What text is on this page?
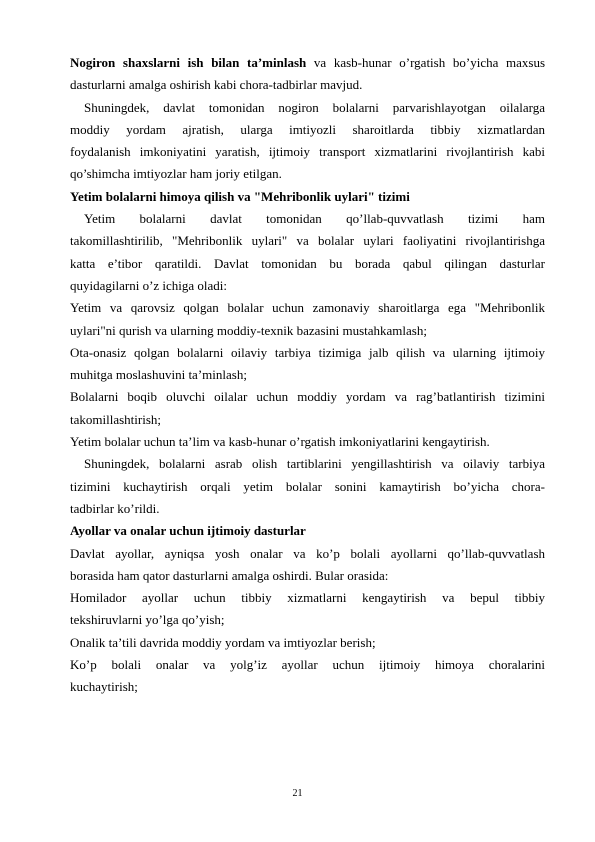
Nogiron shaxslarni ish bilan ta’minlash va kasb-hunar o’rgatish bo’yicha maxsus
dasturlarni amalga oshirish kabi chora-tadbirlar mavjud.
Shuningdek, davlat tomonidan nogiron bolalarni parvarishlayotgan oilalarga
moddiy yordam ajratish, ularga imtiyozli sharoitlarda tibbiy xizmatlardan
foydalanish imkoniyatini yaratish, ijtimoiy transport xizmatlarini rivojlantirish kabi
qo’shimcha imtiyozlar ham joriy etilgan.
Yetim bolalarni himoya qilish va "Mehribonlik uylari" tizimi
Yetim bolalarni davlat tomonidan qo’llab-quvvatlash tizimi ham
takomillashtirilib, "Mehribonlik uylari" va bolalar uylari faoliyatini rivojlantirishga
katta e’tibor qaratildi. Davlat tomonidan bu borada qabul qilingan dasturlar
quyidagilarni o’z ichiga oladi:
Yetim va qarovsiz qolgan bolalar uchun zamonaviy sharoitlarga ega "Mehribonlik
uylari"ni qurish va ularning moddiy-texnik bazasini mustahkamlash;
Ota-onasiz qolgan bolalarni oilaviy tarbiya tizimiga jalb qilish va ularning ijtimoiy
muhitga moslashuvini ta’minlash;
Bolalarni boqib oluvchi oilalar uchun moddiy yordam va rag’batlantirish tizimini
takomillashtirish;
Yetim bolalar uchun ta’lim va kasb-hunar o’rgatish imkoniyatlarini kengaytirish.
Shuningdek, bolalarni asrab olish tartiblarini yengillashtirish va oilaviy tarbiya
tizimini kuchaytirish orqali yetim bolalar sonini kamaytirish bo’yicha chora-
tadbirlar ko’rildi.
Ayollar va onalar uchun ijtimoiy dasturlar
Davlat ayollar, ayniqsa yosh onalar va ko’p bolali ayollarni qo’llab-quvvatlash
borasida ham qator dasturlarni amalga oshirdi. Bular orasida:
Homilador ayollar uchun tibbiy xizmatlarni kengaytirish va bepul tibbiy
tekshiruvlarni yo’lga qo’yish;
Onalik ta’tili davrida moddiy yordam va imtiyozlar berish;
Ko’p bolali onalar va yolg’iz ayollar uchun ijtimoiy himoya choralarini
kuchaytirish;
21
